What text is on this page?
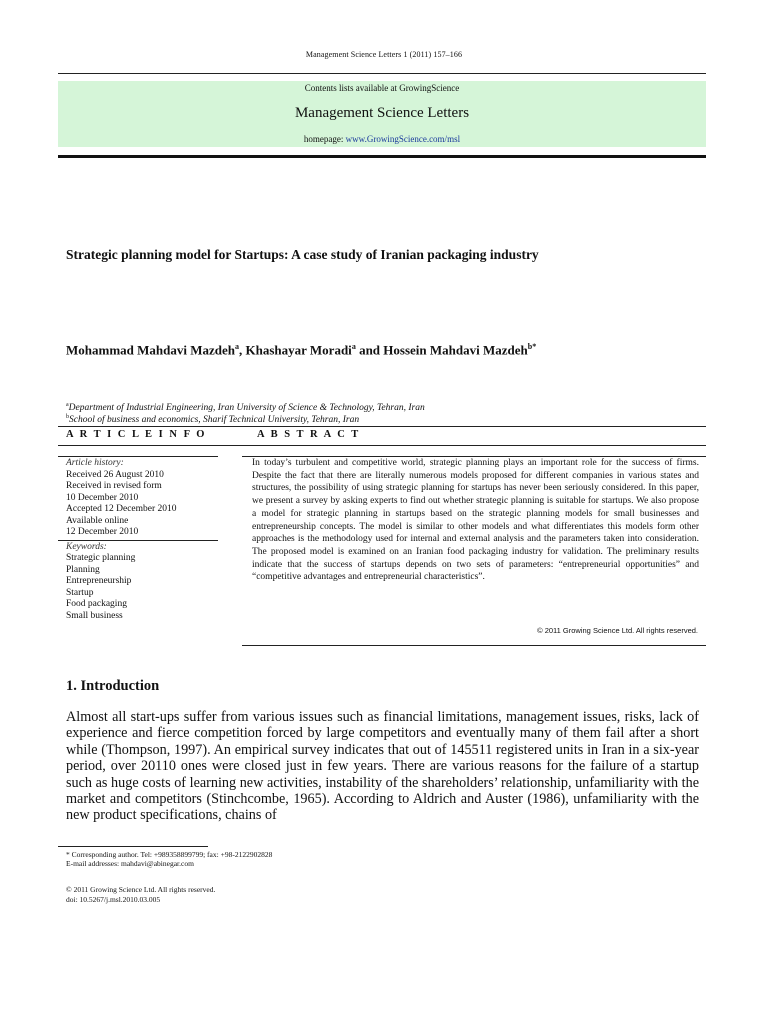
Management Science Letters 1 (2011) 157–166
Contents lists available at GrowingScience
Management Science Letters
homepage: www.GrowingScience.com/msl
Strategic planning model for Startups: A case study of Iranian packaging industry
Mohammad Mahdavi Mazdeh$^a$, Khashayar Moradi$^a$ and Hossein Mahdavi Mazdeh$^{b*}$
$^a$Department of Industrial Engineering, Iran University of Science & Technology, Tehran, Iran
$^b$School of business and economics, Sharif Technical University, Tehran, Iran
A R T I C L E I N F O	A B S T R A C T
Article history:
Received 26 August 2010
Received in revised form
10 December 2010
Accepted 12 December 2010
Available online
12 December 2010
Keywords:
Strategic planning
Planning
Entrepreneurship
Startup
Food packaging
Small business
In today’s turbulent and competitive world, strategic planning plays an important role for the success of firms. Despite the fact that there are literally numerous models proposed for different companies in various states and structures, the possibility of using strategic planning for startups has never been seriously considered. In this paper, we present a survey by asking experts to find out whether strategic planning is suitable for startups. We also propose a model for strategic planning in startups based on the strategic planning models for small businesses and entrepreneurship concepts. The model is similar to other models and what differentiates this models form other approaches is the methodology used for internal and external analysis and the parameters taken into consideration. The proposed model is examined on an Iranian food packaging industry for validation. The preliminary results indicate that the success of startups depends on two sets of parameters: “entrepreneurial opportunities” and “competitive advantages and entrepreneurial characteristics”.
© 2011 Growing Science Ltd. All rights reserved.
1. Introduction
Almost all start-ups suffer from various issues such as financial limitations, management issues, risks, lack of experience and fierce competition forced by large competitors and eventually many of them fail after a short while (Thompson, 1997). An empirical survey indicates that out of 145511 registered units in Iran in a six-year period, over 20110 ones were closed just in few years. There are various reasons for the failure of a startup such as huge costs of learning new activities, instability of the shareholders’ relationship, unfamiliarity with the market and competitors (Stinchcombe, 1965). According to Aldrich and Auster (1986), unfamiliarity with the new product specifications, chains of
* Corresponding author. Tel: +989358899799; fax: +98-2122902828
E-mail addresses: mahdavi@abinegar.com
© 2011 Growing Science Ltd. All rights reserved.
doi: 10.5267/j.msl.2010.03.005
